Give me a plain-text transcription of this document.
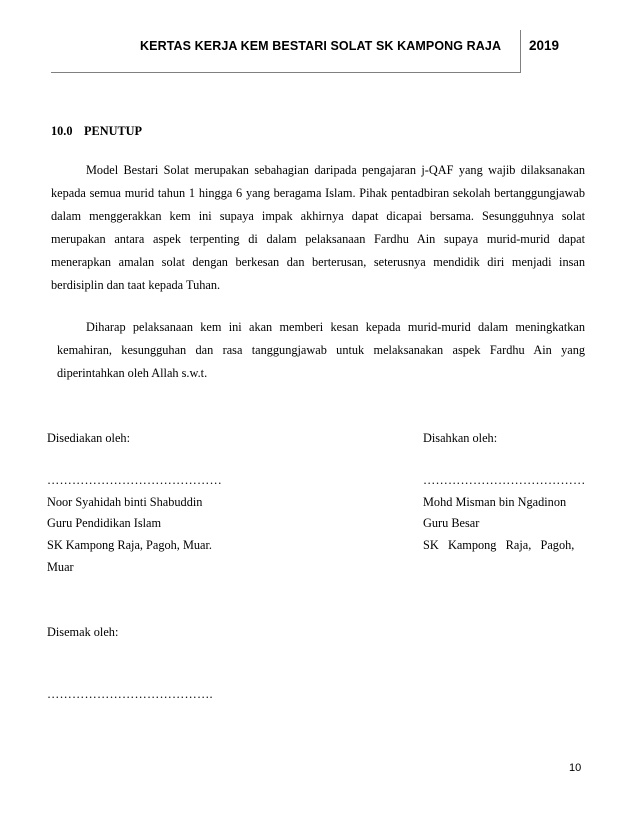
KERTAS KERJA KEM BESTARI SOLAT SK KAMPONG RAJA 2019
10.0 PENUTUP

Model Bestari Solat merupakan sebahagian daripada pengajaran j-QAF yang wajib dilaksanakan kepada semua murid tahun 1 hingga 6 yang beragama Islam. Pihak pentadbiran sekolah bertanggungjawab dalam menggerakkan kem ini supaya impak akhirnya dapat dicapai bersama. Sesungguhnya solat merupakan antara aspek terpenting di dalam pelaksanaan Fardhu Ain supaya murid-murid dapat menerapkan amalan solat dengan berkesan dan berterusan, seterusnya mendidik diri menjadi insan berdisiplin dan taat kepada Tuhan.

Diharap pelaksanaan kem ini akan memberi kesan kepada murid-murid dalam meningkatkan kemahiran, kesungguhan dan rasa tanggungjawab untuk melaksanakan aspek Fardhu Ain yang diperintahkan oleh Allah s.w.t.

Disediakan oleh:
……………………………………
Noor Syahidah binti Shabuddin
Guru Pendidikan Islam
SK Kampong Raja, Pagoh, Muar.
Muar
Disahkan oleh:
…………………………………
Mohd Misman bin Ngadinon
Guru Besar
SK   Kampong   Raja,   Pagoh,
Disemak oleh:
………………………………….
10
